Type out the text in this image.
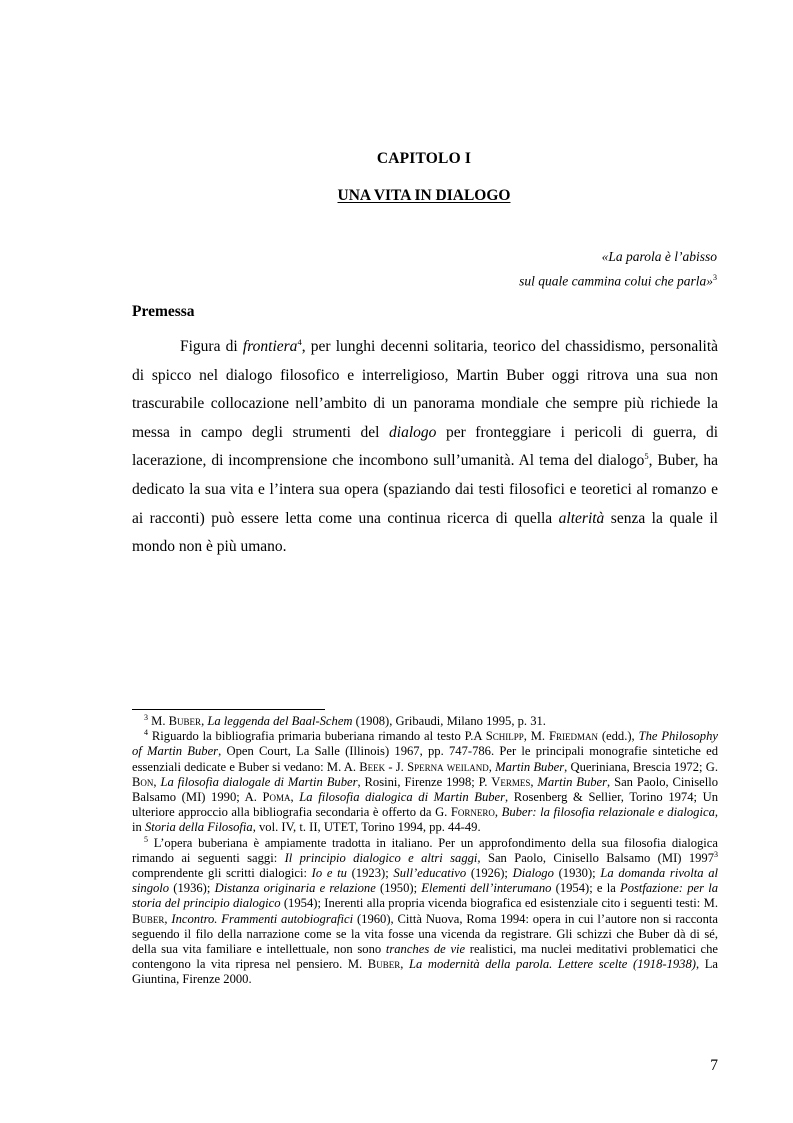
CAPITOLO I
UNA VITA IN DIALOGO
«La parola è l’abisso
sul quale cammina colui che parla»$^3$
Premessa

Figura di frontiera$^4$, per lunghi decenni solitaria, teorico del chassidismo, personalità di spicco nel dialogo filosofico e interreligioso, Martin Buber oggi ritrova una sua non trascurabile collocazione nell’ambito di un panorama mondiale che sempre più richiede la messa in campo degli strumenti del dialogo per fronteggiare i pericoli di guerra, di lacerazione, di incomprensione che incombono sull’umanità. Al tema del dialogo$^5$, Buber, ha dedicato la sua vita e l’intera sua opera (spaziando dai testi filosofici e teoretici al romanzo e ai racconti) può essere letta come una continua ricerca di quella alterità senza la quale il mondo non è più umano.

$^3$ M. Buber, La leggenda del Baal-Schem (1908), Gribaudi, Milano 1995, p. 31.

$^4$ Riguardo la bibliografia primaria buberiana rimando al testo P.A Schilpp, M. Friedman (edd.), The Philosophy of Martin Buber, Open Court, La Salle (Illinois) 1967, pp. 747-786. Per le principali monografie sintetiche ed essenziali dedicate e Buber si vedano: M. A. Beek - J. Sperna weiland, Martin Buber, Queriniana, Brescia 1972; G. Bon, La filosofia dialogale di Martin Buber, Rosini, Firenze 1998; P. Vermes, Martin Buber, San Paolo, Cinisello Balsamo (MI) 1990; A. Poma, La filosofia dialogica di Martin Buber, Rosenberg & Sellier, Torino 1974; Un ulteriore approccio alla bibliografia secondaria è offerto da G. Fornero, Buber: la filosofia relazionale e dialogica, in Storia della Filosofia, vol. IV, t. II, UTET, Torino 1994, pp. 44-49.

$^5$ L’opera buberiana è ampiamente tradotta in italiano. Per un approfondimento della sua filosofia dialogica rimando ai seguenti saggi: Il principio dialogico e altri saggi, San Paolo, Cinisello Balsamo (MI) 1997$^3$ comprendente gli scritti dialogici: Io e tu (1923); Sull’educativo (1926); Dialogo (1930); La domanda rivolta al singolo (1936); Distanza originaria e relazione (1950); Elementi dell’interumano (1954); e la Postfazione: per la storia del principio dialogico (1954); Inerenti alla propria vicenda biografica ed esistenziale cito i seguenti testi: M. Buber, Incontro. Frammenti autobiografici (1960), Città Nuova, Roma 1994: opera in cui l’autore non si racconta seguendo il filo della narrazione come se la vita fosse una vicenda da registrare. Gli schizzi che Buber dà di sé, della sua vita familiare e intellettuale, non sono tranches de vie realistici, ma nuclei meditativi problematici che contengono la vita ripresa nel pensiero. M. Buber, La modernità della parola. Lettere scelte (1918-1938), La Giuntina, Firenze 2000.

7
